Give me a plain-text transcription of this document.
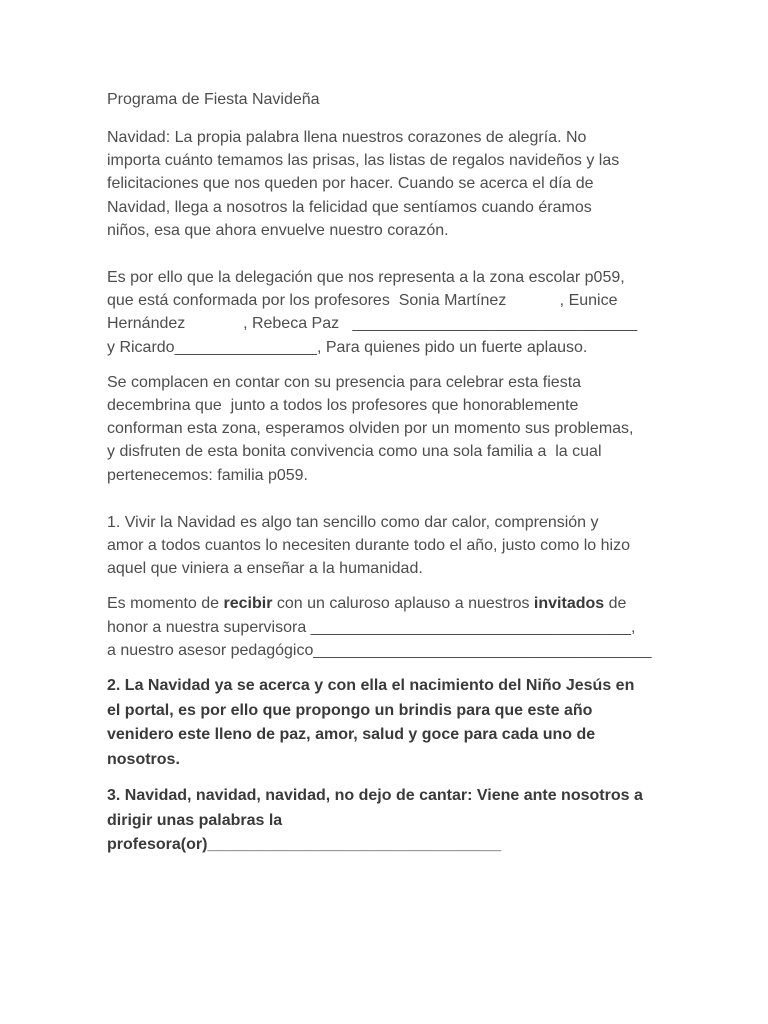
Programa de Fiesta Navideña
Navidad: La propia palabra llena nuestros corazones de alegría. No
importa cuánto temamos las prisas, las listas de regalos navideños y las
felicitaciones que nos queden por hacer. Cuando se acerca el día de
Navidad, llega a nosotros la felicidad que sentíamos cuando éramos
niños, esa que ahora envuelve nuestro corazón.
Es por ello que la delegación que nos representa a la zona escolar p059,
que está conformada por los profesores  Sonia Martínez            , Eunice
Hernández             , Rebeca Paz   ________________________________
y Ricardo________________, Para quienes pido un fuerte aplauso.
Se complacen en contar con su presencia para celebrar esta fiesta
decembrina que  junto a todos los profesores que honorablemente
conforman esta zona, esperamos olviden por un momento sus problemas,
y disfruten de esta bonita convivencia como una sola familia a  la cual
pertenecemos: familia p059.
1. Vivir la Navidad es algo tan sencillo como dar calor, comprensión y
amor a todos cuantos lo necesiten durante todo el año, justo como lo hizo
aquel que viniera a enseñar a la humanidad.
Es momento de recibir con un caluroso aplauso a nuestros invitados de
honor a nuestra supervisora ____________________________________,
a nuestro asesor pedagógico______________________________________
2. La Navidad ya se acerca y con ella el nacimiento del Niño Jesús en
el portal, es por ello que propongo un brindis para que este año
venidero este lleno de paz, amor, salud y goce para cada uno de
nosotros.
3. Navidad, navidad, navidad, no dejo de cantar: Viene ante nosotros a
dirigir unas palabras la
profesora(or)_________________________________
